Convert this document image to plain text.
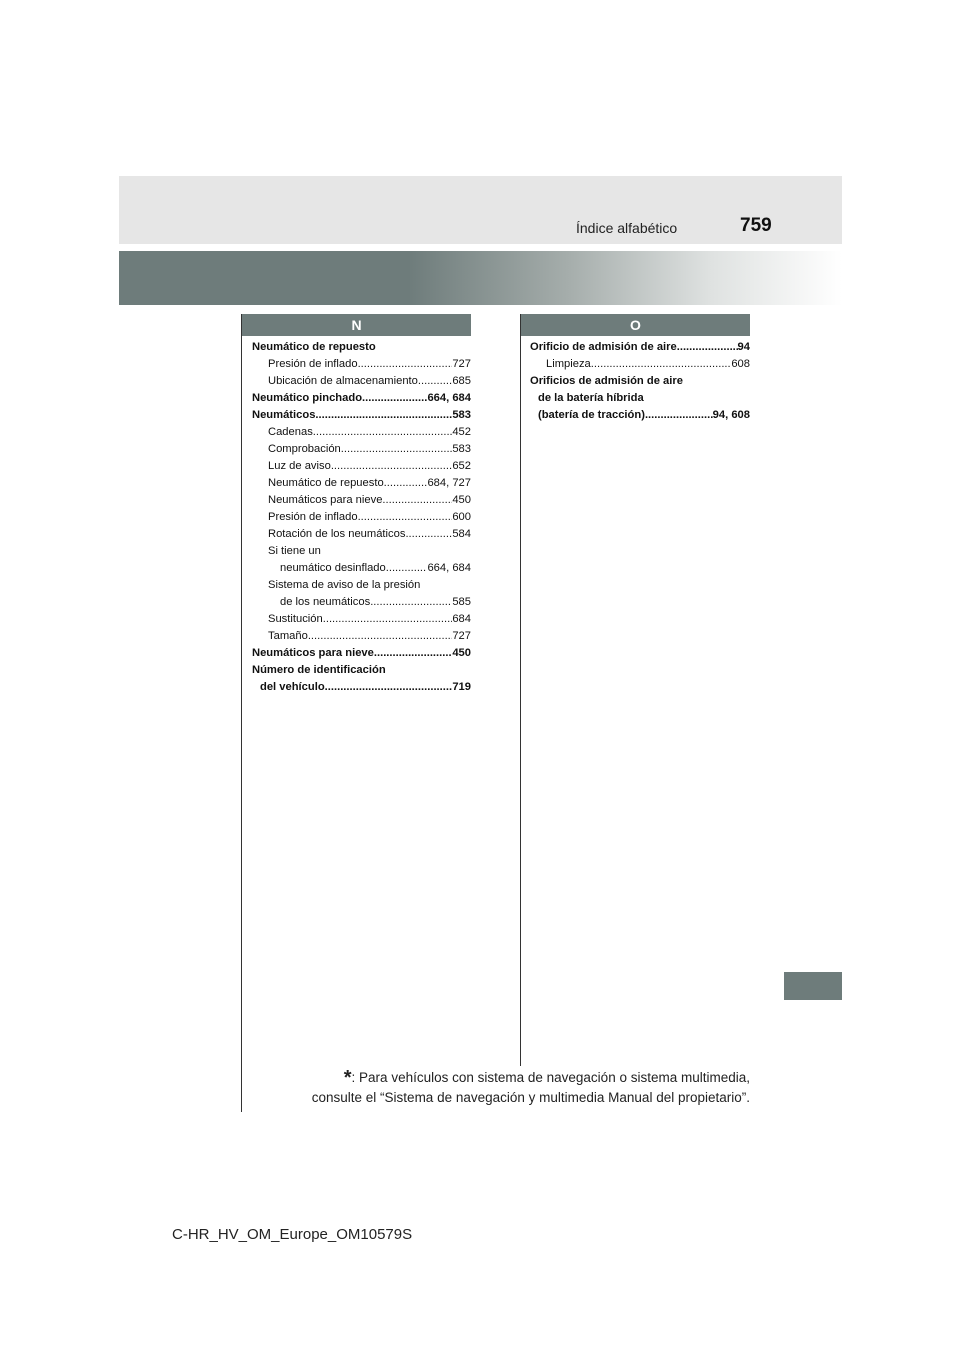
Índice alfabético	759
N	O
Neumático de repuesto
Presión de inflado .....	727
Ubicación de almacenamiento .....	685
Neumático pinchado .....	664, 684
Neumáticos .....	583
Cadenas .....	452
Comprobación .....	583
Luz de aviso .....	652
Neumático de repuesto .....	684, 727
Neumáticos para nieve .....	450
Presión de inflado .....	600
Rotación de los neumáticos .....	584
Si tiene un
neumático desinflado .....	664, 684
Sistema de aviso de la presión
de los neumáticos .....	585
Sustitución .....	684
Tamaño .....	727
Neumáticos para nieve .....	450
Número de identificación
del vehículo .....	719
Orificio de admisión de aire .....	94
Limpieza .....	608
Orificios de admisión de aire
de la batería híbrida
(batería de tracción) .....	94, 608
*: Para vehículos con sistema de navegación o sistema multimedia,
consulte el “Sistema de navegación y multimedia Manual del propietario”.
C-HR_HV_OM_Europe_OM10579S
